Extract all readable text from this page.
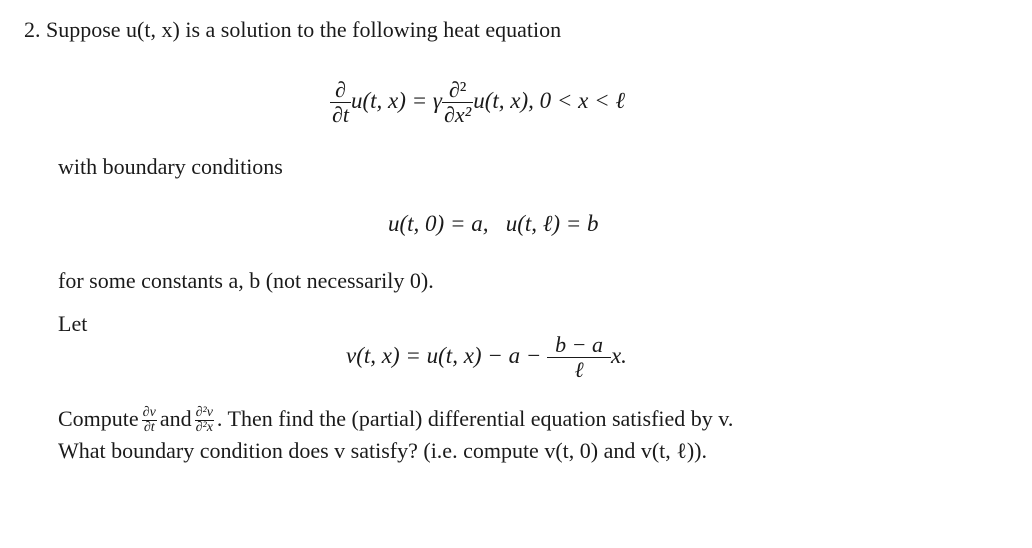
2. Suppose u(t, x) is a solution to the following heat equation
$\frac{\partial}{\partial t} u(t$, x) = γ $\frac{\text{∂²}}{\text{∂x²}} u(t$, x), 0 < x < ℓ
with boundary conditions
u(t, 0) = a,   u(t, ℓ) = b
for some constants a, b (not necessarily 0).
Let
v(t, x) = u(t, $x) - a - \frac{b - a}{\text{ℓ}} x$.
Compute $\frac{\partial v}{\partial t}$ and $\frac{\text{∂²v}}{\text{∂²x}}$ . Then find the (partial) differential equation satisfied by v.
What boundary condition does v satisfy? (i.e. compute v(t, 0) and v(t, ℓ)).
